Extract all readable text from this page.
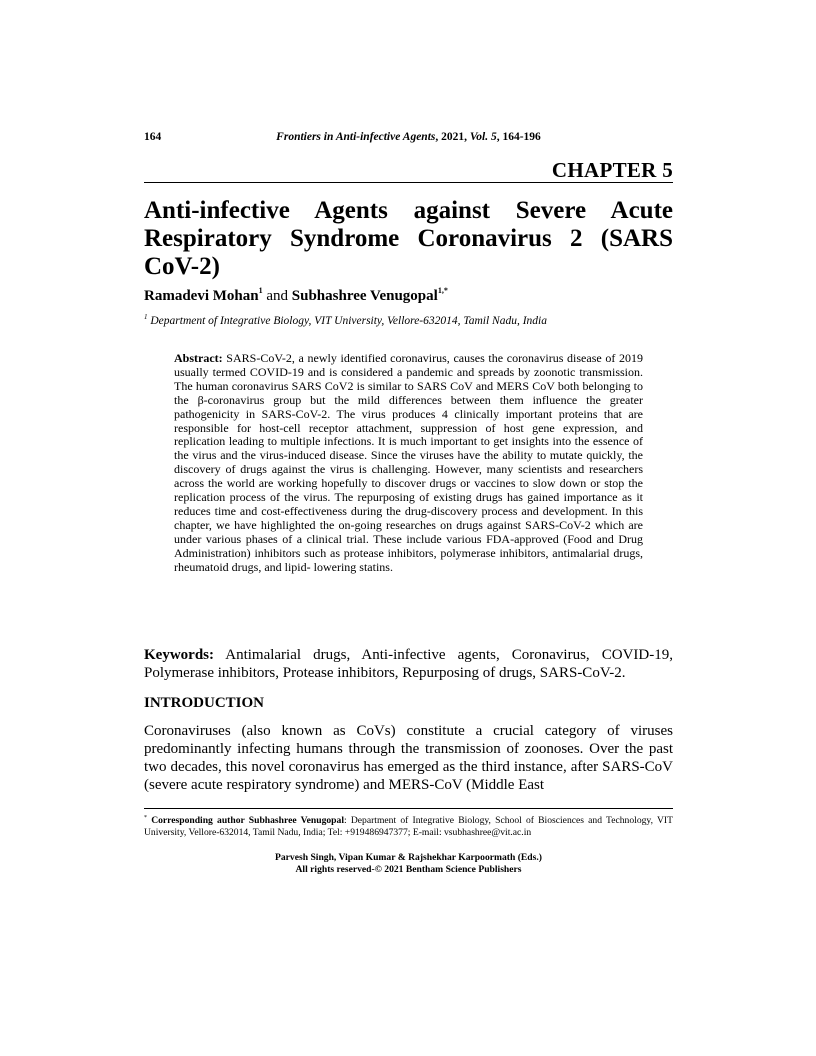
164	Frontiers in Anti-infective Agents, 2021, Vol. 5, 164-196
CHAPTER 5
Anti-infective Agents against Severe Acute Respiratory Syndrome Coronavirus 2 (SARS CoV-2)
Ramadevi Mohan$^1$ and Subhashree Venugopal$^{1,*}$
$^1$ Department of Integrative Biology, VIT University, Vellore-632014, Tamil Nadu, India
Abstract: SARS-CoV-2, a newly identified coronavirus, causes the coronavirus disease of 2019 usually termed COVID-19 and is considered a pandemic and spreads by zoonotic transmission. The human coronavirus SARS CoV2 is similar to SARS CoV and MERS CoV both belonging to the β-coronavirus group but the mild differences between them influence the greater pathogenicity in SARS-CoV-2. The virus produces 4 clinically important proteins that are responsible for host-cell receptor attachment, suppression of host gene expression, and replication leading to multiple infections. It is much important to get insights into the essence of the virus and the virus-induced disease. Since the viruses have the ability to mutate quickly, the discovery of drugs against the virus is challenging. However, many scientists and researchers across the world are working hopefully to discover drugs or vaccines to slow down or stop the replication process of the virus. The repurposing of existing drugs has gained importance as it reduces time and cost-effectiveness during the drug-discovery process and development. In this chapter, we have highlighted the on-going researches on drugs against SARS-CoV-2 which are under various phases of a clinical trial. These include various FDA-approved (Food and Drug Administration) inhibitors such as protease inhibitors, polymerase inhibitors, antimalarial drugs, rheumatoid drugs, and lipid- lowering statins.
Keywords: Antimalarial drugs, Anti-infective agents, Coronavirus, COVID-19, Polymerase inhibitors, Protease inhibitors, Repurposing of drugs, SARS-CoV-2.
INTRODUCTION
Coronaviruses (also known as CoVs) constitute a crucial category of viruses predominantly infecting humans through the transmission of zoonoses. Over the past two decades, this novel coronavirus has emerged as the third instance, after SARS-CoV (severe acute respiratory syndrome) and MERS-CoV (Middle East
* Corresponding author Subhashree Venugopal: Department of Integrative Biology, School of Biosciences and Technology, VIT University, Vellore-632014, Tamil Nadu, India; Tel: +919486947377; E-mail: vsubhashree@vit.ac.in
Parvesh Singh, Vipan Kumar & Rajshekhar Karpoormath (Eds.)
All rights reserved-© 2021 Bentham Science Publishers
